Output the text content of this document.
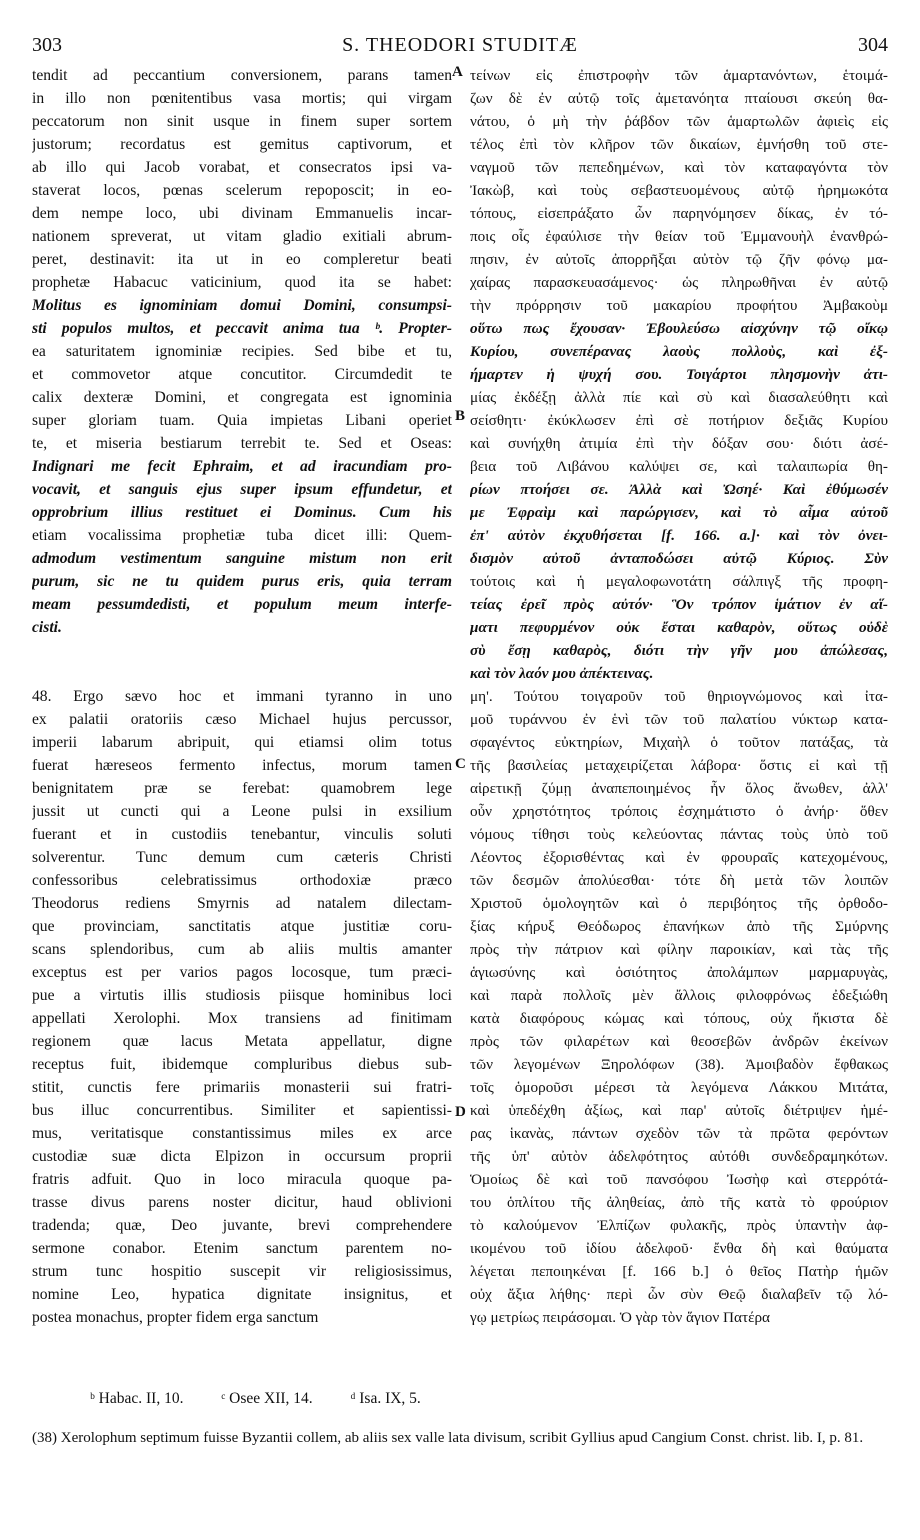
303	S. THEODORI STUDITÆ	304
tendit ad peccantium conversionem, parans tamen
in illo non pœnitentibus vasa mortis; qui virgam
peccatorum non sinit usque in finem super sortem
justorum; recordatus est gemitus captivorum, et
ab illo qui Jacob vorabat, et consecratos ipsi va-
staverat locos, pœnas scelerum repoposcit; in eo-
dem nempe loco, ubi divinam Emmanuelis incar-
nationem spreverat, ut vitam gladio exitiali abrum-
peret, destinavit: ita ut in eo compleretur beati
prophetæ Habacuc vaticinium, quod ita se habet:
Molitus es ignominiam domui Domini, consumpsi-
sti populos multos, et peccavit anima tua ᵇ. Propter-
ea saturitatem ignominiæ recipies. Sed bibe et tu,
et commovetor atque concutitor. Circumdedit te
calix dexteræ Domini, et congregata est ignominia
super gloriam tuam. Quia impietas Libani operiet
te, et miseria bestiarum terrebit te. Sed et Oseas:
Indignari me fecit Ephraim, et ad iracundiam pro-
vocavit, et sanguis ejus super ipsum effundetur, et
opprobrium illius restituet ei Dominus. Cum his
etiam vocalissima prophetiæ tuba dicet illi: Quem-
admodum vestimentum sanguine mistum non erit
purum, sic ne tu quidem purus eris, quia terram
meam pessumdedisti, et populum meum interfe-
cisti.
48. Ergo sævo hoc et immani tyranno in uno
ex palatii oratoriis cæso Michael hujus percussor,
imperii labarum abripuit, qui etiamsi olim totus
fuerat hæreseos fermento infectus, morum tamen
benignitatem præ se ferebat: quamobrem lege
jussit ut cuncti qui a Leone pulsi in exsilium
fuerant et in custodiis tenebantur, vinculis soluti
solverentur. Tunc demum cum cæteris Christi
confessoribus celebratissimus orthodoxiæ præco
Theodorus rediens Smyrnis ad natalem dilectam-
que provinciam, sanctitatis atque justitiæ coru-
scans splendoribus, cum ab aliis multis amanter
exceptus est per varios pagos locosque, tum præci-
pue a virtutis illis studiosis piisque hominibus loci
appellati Xerolophi. Mox transiens ad finitimam
regionem quæ lacus Metata appellatur, digne
receptus fuit, ibidemque compluribus diebus sub-
stitit, cunctis fere primariis monasterii sui fratri-
bus illuc concurrentibus. Similiter et sapientissi-
mus, veritatisque constantissimus miles ex arce
custodiæ suæ dicta Elpizon in occursum proprii
fratris adfuit. Quo in loco miracula quoque pa-
trasse divus parens noster dicitur, haud oblivioni
tradenda; quæ, Deo juvante, brevi comprehendere
sermone conabor. Etenim sanctum parentem no-
strum tunc hospitio suscepit vir religiosissimus,
nomine Leo, hypatica dignitate insignitus, et
postea monachus, propter fidem erga sanctum
τείνων εἰς ἐπιστροφὴν τῶν ἁμαρτανόντων, ἑτοιμά-
ζων δὲ ἐν αὐτῷ τοῖς ἀμετανόητα πταίουσι σκεύη θα-
νάτου, ὁ μὴ τὴν ῥάβδον τῶν ἁμαρτωλῶν ἀφιεὶς εἰς
τέλος ἐπὶ τὸν κλῆρον τῶν δικαίων, ἐμνήσθη τοῦ στε-
ναγμοῦ τῶν πεπεδημένων, καὶ τὸν καταφαγόντα τὸν
Ἰακὼβ, καὶ τοὺς σεβαστευομένους αὐτῷ ἠρημωκότα
τόπους, εἰσεπράξατο ὧν παρηνόμησεν δίκας, ἐν τό-
ποις οἷς ἐφαύλισε τὴν θείαν τοῦ Ἐμμανουὴλ ἐνανθρώ-
πησιν, ἐν αὐτοῖς ἀπορρῆξαι αὐτὸν τῷ ζῆν φόνῳ μα-
χαίρας παρασκευασάμενος· ὡς πληρωθῆναι ἐν αὐτῷ
τὴν πρόρρησιν τοῦ μακαρίου προφήτου Ἀμβακοὺμ
οὕτω πως ἔχουσαν· Ἐβουλεύσω αἰσχύνην τῷ οἴκῳ
Κυρίου, συνεπέρανας λαοὺς πολλοὺς, καὶ ἐξ-
ήμαρτεν ἡ ψυχή σου. Τοιγάρτοι πλησμονὴν ἀτι-
μίας ἐκδέξῃ ἀλλὰ πίε καὶ σὺ καὶ διασαλεύθητι καὶ
σείσθητι· ἐκύκλωσεν ἐπὶ σὲ ποτήριον δεξιᾶς Κυρίου
καὶ συνήχθη ἀτιμία ἐπὶ τὴν δόξαν σου· διότι ἀσέ-
βεια τοῦ Λιβάνου καλύψει σε, καὶ ταλαιπωρία θη-
ρίων πτοήσει σε. Ἀλλὰ καὶ Ὠσηέ· Καὶ ἐθύμωσέν
με Ἐφραὶμ καὶ παρώργισεν, καὶ τὸ αἷμα αὐτοῦ
ἐπ' αὐτὸν ἐκχυθήσεται [f. 166. a.]· καὶ τὸν ὀνει-
δισμὸν αὐτοῦ ἀνταποδώσει αὐτῷ Κύριος. Σὺν
τούτοις καὶ ἡ μεγαλοφωνοτάτη σάλπιγξ τῆς προφη-
τείας ἐρεῖ πρὸς αὐτόν· Ὃν τρόπον ἱμάτιον ἐν αἵ-
ματι πεφυρμένον οὐκ ἔσται καθαρὸν, οὕτως οὐδὲ
σὺ ἔσῃ καθαρὸς, διότι τὴν γῆν μου ἀπώλεσας,
καὶ τὸν λαόν μου ἀπέκτεινας.
μη'. Τούτου τοιγαροῦν τοῦ θηριογνώμονος καὶ ἰτα-
μοῦ τυράννου ἐν ἑνὶ τῶν τοῦ παλατίου νύκτωρ κατα-
σφαγέντος εὐκτηρίων, Μιχαὴλ ὁ τοῦτον πατάξας, τὰ
τῆς βασιλείας μεταχειρίζεται λάβορα· ὅστις εἰ καὶ τῇ
αἱρετικῇ ζύμῃ ἀναπεποιημένος ἦν ὅλος ἄνωθεν, ἀλλ'
οὖν χρηστότητος τρόποις ἐσχημάτιστο ὁ ἀνήρ· ὅθεν
νόμους τίθησι τοὺς κελεύοντας πάντας τοὺς ὑπὸ τοῦ
Λέοντος ἐξορισθέντας καὶ ἐν φρουραῖς κατεχομένους,
τῶν δεσμῶν ἀπολύεσθαι· τότε δὴ μετὰ τῶν λοιπῶν
Χριστοῦ ὁμολογητῶν καὶ ὁ περιβόητος τῆς ὀρθοδο-
ξίας κήρυξ Θεόδωρος ἐπανήκων ἀπὸ τῆς Σμύρνης
πρὸς τὴν πάτριον καὶ φίλην παροικίαν, καὶ τὰς τῆς
ἁγιωσύνης καὶ ὁσιότητος ἀπολάμπων μαρμαρυγὰς,
καὶ παρὰ πολλοῖς μὲν ἄλλοις φιλοφρόνως ἐδεξιώθη
κατὰ διαφόρους κώμας καὶ τόπους, οὐχ ἥκιστα δὲ
πρὸς τῶν φιλαρέτων καὶ θεοσεβῶν ἀνδρῶν ἐκείνων
τῶν λεγομένων Ξηρολόφων (38). Ἀμοιβαδὸν ἔφθακως
τοῖς ὁμοροῦσι μέρεσι τὰ λεγόμενα Λάκκου Μιτάτα,
καὶ ὑπεδέχθη ἀξίως, καὶ παρ' αὐτοῖς διέτριψεν ἡμέ-
ρας ἱκανὰς, πάντων σχεδὸν τῶν τὰ πρῶτα φερόντων
τῆς ὑπ' αὐτὸν ἀδελφότητος αὐτόθι συνδεδραμηκότων.
Ὁμοίως δὲ καὶ τοῦ πανσόφου Ἰωσὴφ καὶ στερρότά-
του ὁπλίτου τῆς ἀληθείας, ἀπὸ τῆς κατὰ τὸ φρούριον
τὸ καλούμενον Ἐλπίζων φυλακῆς, πρὸς ὑπαντὴν ἀφ-
ικομένου τοῦ ἰδίου ἀδελφοῦ· ἔνθα δὴ καὶ θαύματα
λέγεται πεποιηκέναι [f. 166 b.] ὁ θεῖος Πατὴρ ἡμῶν
οὐχ ἄξια λήθης· περὶ ὧν σὺν Θεῷ διαλαβεῖν τῷ λό-
γῳ μετρίως πειράσομαι. Ὁ γὰρ τὸν ἅγιον Πατέρα
A
B
C
D
ᵇ Habac. II, 10. ᶜ Osee XII, 14. ᵈ Isa. IX, 5.
(38) Xerolophum septimum fuisse Byzantii collem, ab aliis sex valle lata divisum, scribit Gyllius apud Cangium Const. christ. lib. I, p. 81.
